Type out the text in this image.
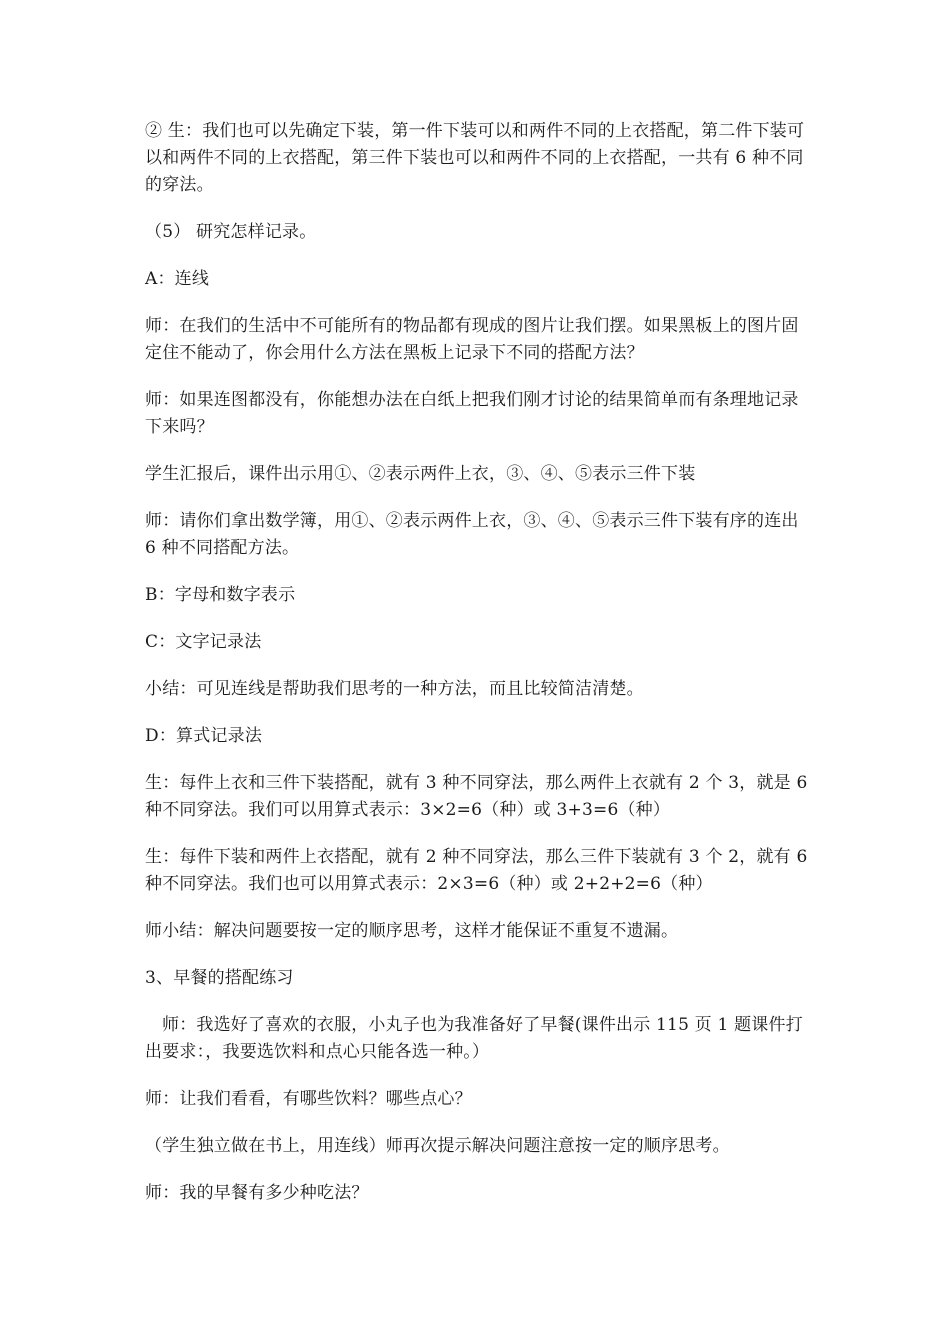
② 生：我们也可以先确定下装，第一件下装可以和两件不同的上衣搭配，第二件下装可以和两件不同的上衣搭配，第三件下装也可以和两件不同的上衣搭配，一共有 6 种不同的穿法。

（5） 研究怎样记录。

A：连线

师：在我们的生活中不可能所有的物品都有现成的图片让我们摆。如果黑板上的图片固定住不能动了，你会用什么方法在黑板上记录下不同的搭配方法？

师：如果连图都没有，你能想办法在白纸上把我们刚才讨论的结果简单而有条理地记录下来吗？

学生汇报后，课件出示用①、②表示两件上衣，③、④、⑤表示三件下装

师：请你们拿出数学簿，用①、②表示两件上衣，③、④、⑤表示三件下装有序的连出 6 种不同搭配方法。

B：字母和数字表示

C：文字记录法

小结：可见连线是帮助我们思考的一种方法，而且比较简洁清楚。

D：算式记录法

生：每件上衣和三件下装搭配，就有 3 种不同穿法，那么两件上衣就有 2 个 3，就是 6 种不同穿法。我们可以用算式表示：3×2=6（种）或 3+3=6（种）

生：每件下装和两件上衣搭配，就有 2 种不同穿法，那么三件下装就有 3 个 2，就有 6 种不同穿法。我们也可以用算式表示：2×3=6（种）或 2+2+2=6（种）

师小结：解决问题要按一定的顺序思考，这样才能保证不重复不遗漏。

3、早餐的搭配练习

师：我选好了喜欢的衣服，小丸子也为我准备好了早餐(课件出示 115 页 1 题课件打出要求：，我要选饮料和点心只能各选一种。）

师：让我们看看，有哪些饮料？哪些点心？

（学生独立做在书上，用连线）师再次提示解决问题注意按一定的顺序思考。

师：我的早餐有多少种吃法？
